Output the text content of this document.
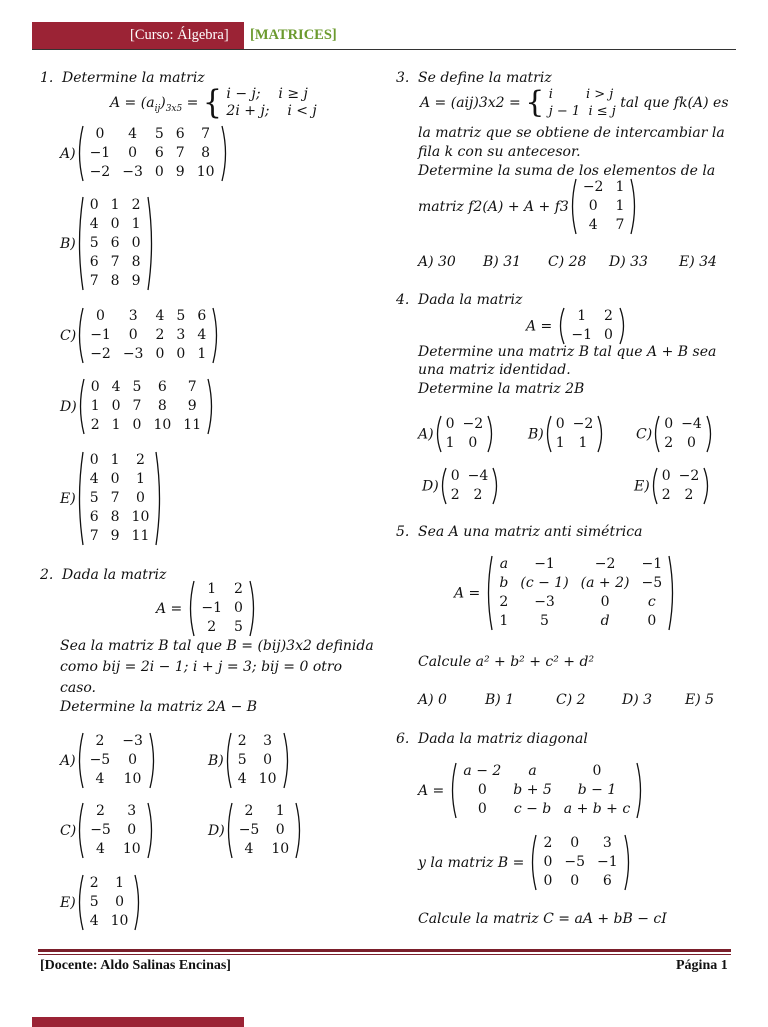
[Curso: Álgebra] [MATRICES]
1. Determine la matriz
$A = (a_{ij})_{3x5}$ = { i − j; i ≥ j
2i + j; i < j
A)
0	4	5	6	7
−1	0	6	7	8
−2	−3	0	9	10
B)
0	1	2
4	0	1
5	6	0
6	7	8
7	8	9
C)
0	3	4	5	6
−1	0	2	3	4
−2	−3	0	0	1
D)
0	4	5	6	7
1	0	7	8	9
2	1	0	10	11
E)
0	1	2
4	0	1
5	7	0
6	8	10
7	9	11
2. Dada la matriz
A =
1	2
−1	0
2	5
Sea la matriz B tal que B = (bij)3x2 definida
como bij = 2i − 1; i + j = 3; bij = 0 otro
caso.
Determine la matriz 2A − B
A)
2	−3
−5	0
4	10
B)
2	3
5	0
4	10
C)
2	3
−5	0
4	10
D)
2	1
−5	0
4	10
E)
2	1
5	0
4	10
3. Se define la matriz
A = (aij)3x2 = { i	i > j
j − 1 i ≤ j tal que fk(A) es
la matriz que se obtiene de intercambiar la
fila k con su antecesor.
Determine la suma de los elementos de la
matriz f2(A) + A + f3
−2	1
0	1
4	7
A) 30 B) 31 C) 28 D) 33 E) 34
4. Dada la matriz
A =
1	2
−1	0
Determine una matriz B tal que A + B sea
una matriz identidad.
Determine la matriz 2B
A)
0	−2
1	0
B)
0	−2
1	1
C)
0	−4
2	0
D)
0	−4
2	2
E)
0	−2
2	2
5. Sea A una matriz anti simétrica
A =
a	−1	−2	−1
b	(c − 1)	(a + 2)	−5
2	−3	0	c
1	5	d	0
Calcule a² + b² + c² + d²
A) 0	B) 1	C) 2	D) 3 E) 5
6. Dada la matriz diagonal
A =
a − 2	a	0
0	b + 5	b − 1
0	c − b	a + b + c
y la matriz B =
2	0	3
0	−5	−1
0	0	6
Calcule la matriz C = aA + bB − cI
[Docente: Aldo Salinas Encinas]	Página 1
